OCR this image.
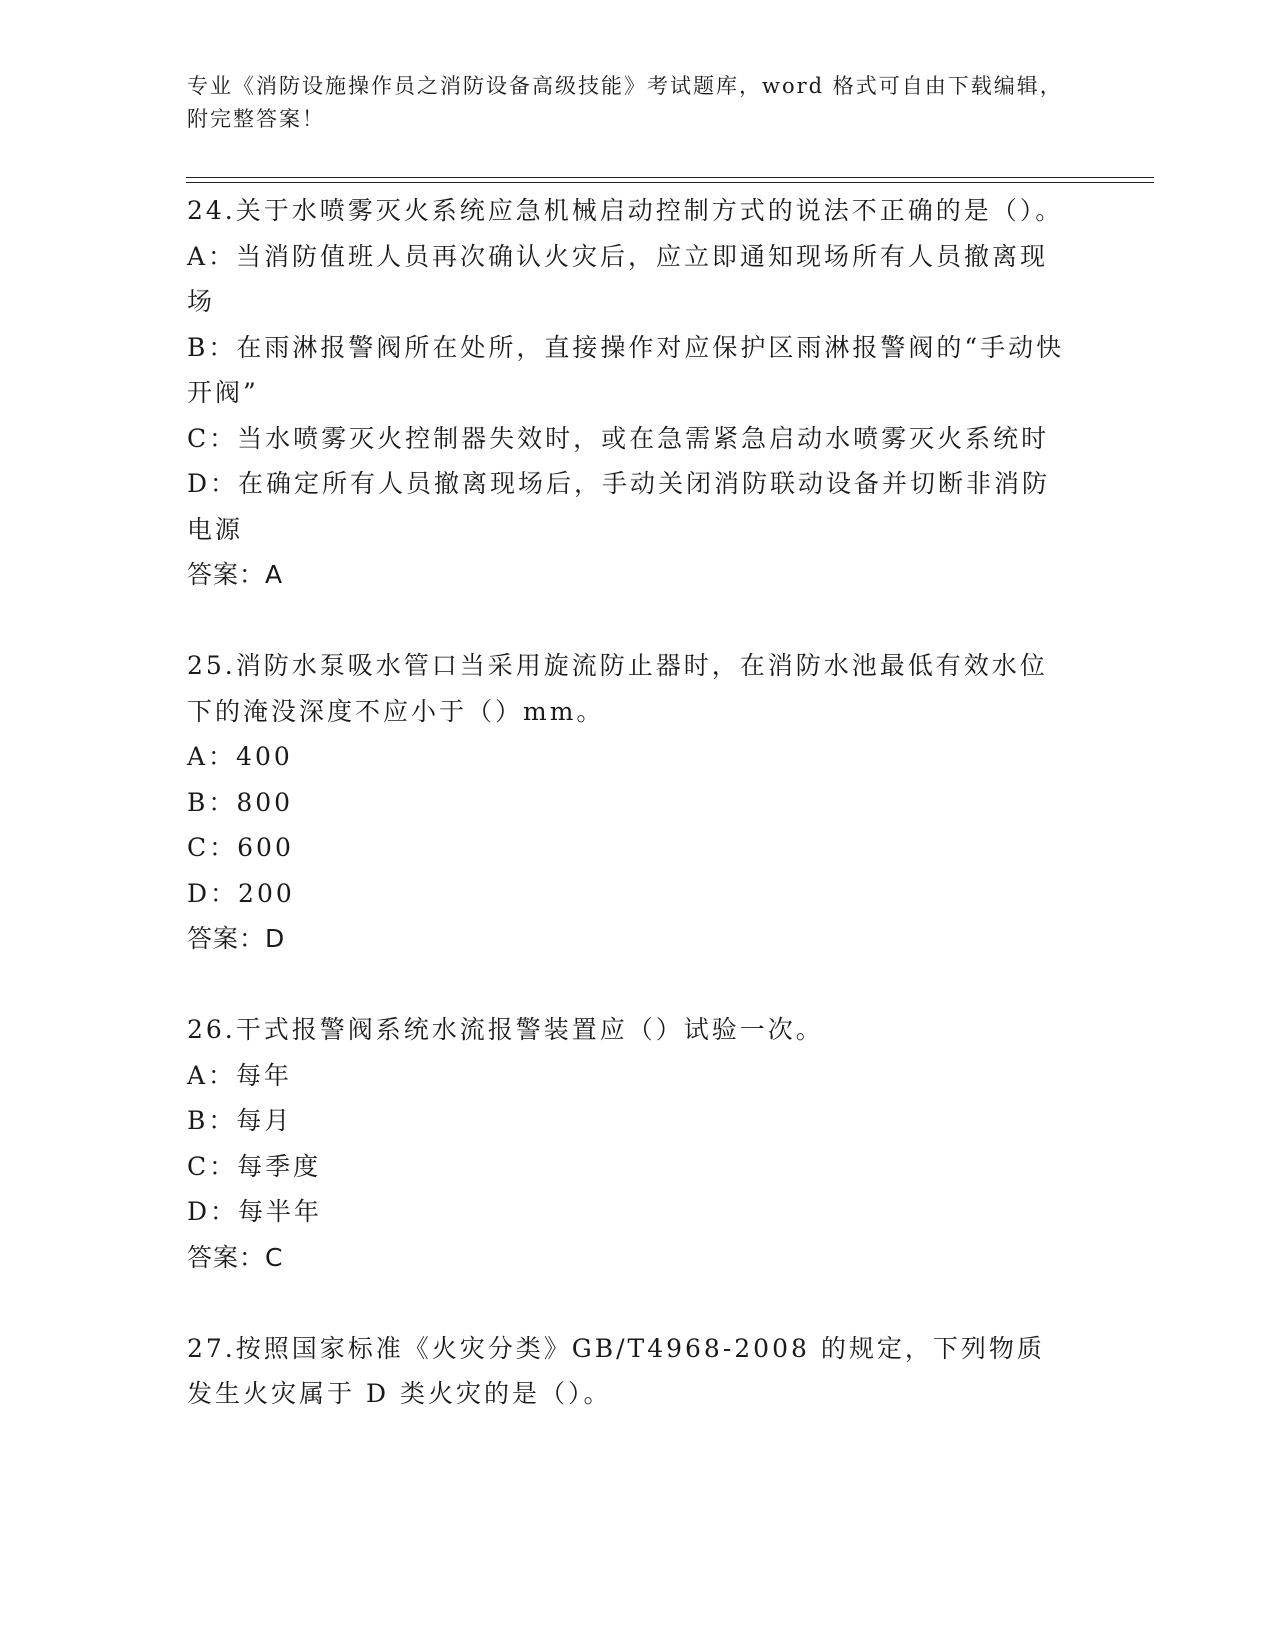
专业《消防设施操作员之消防设备高级技能》考试题库，word 格式可自由下载编辑，附完整答案！

24.关于水喷雾灭火系统应急机械启动控制方式的说法不正确的是（）。

A：当消防值班人员再次确认火灾后，应立即通知现场所有人员撤离现场

B：在雨淋报警阀所在处所，直接操作对应保护区雨淋报警阀的“手动快开阀”

C：当水喷雾灭火控制器失效时，或在急需紧急启动水喷雾灭火系统时

D：在确定所有人员撤离现场后，手动关闭消防联动设备并切断非消防电源

答案：A

25.消防水泵吸水管口当采用旋流防止器时，在消防水池最低有效水位下的淹没深度不应小于（）mm。

A：400

B：800

C：600

D：200

答案：D

26.干式报警阀系统水流报警装置应（）试验一次。

A：每年

B：每月

C：每季度

D：每半年

答案：C

27.按照国家标准《火灾分类》GB/T4968-2008 的规定，下列物质发生火灾属于 D 类火灾的是（）。
